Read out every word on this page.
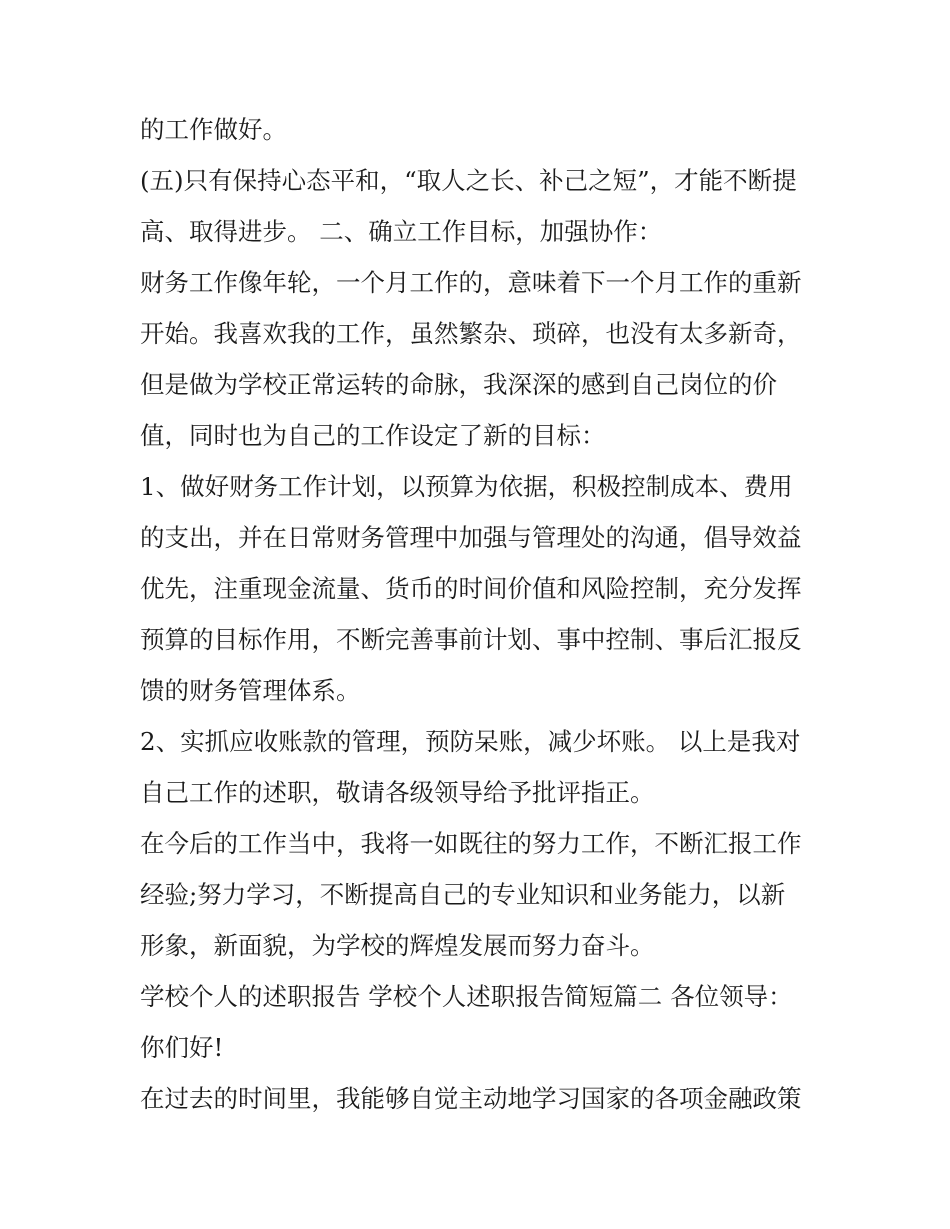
的工作做好。
(五)只有保持心态平和，“取人之长、补己之短”，才能不断提
高、取得进步。 二、确立工作目标，加强协作：
财务工作像年轮，一个月工作的，意味着下一个月工作的重新
开始。我喜欢我的工作，虽然繁杂、琐碎，也没有太多新奇，
但是做为学校正常运转的命脉，我深深的感到自己岗位的价
值，同时也为自己的工作设定了新的目标：
1、做好财务工作计划，以预算为依据，积极控制成本、费用
的支出，并在日常财务管理中加强与管理处的沟通，倡导效益
优先，注重现金流量、货币的时间价值和风险控制，充分发挥
预算的目标作用，不断完善事前计划、事中控制、事后汇报反
馈的财务管理体系。
2、实抓应收账款的管理，预防呆账，减少坏账。 以上是我对
自己工作的述职，敬请各级领导给予批评指正。
在今后的工作当中，我将一如既往的努力工作，不断汇报工作
经验;努力学习，不断提高自己的专业知识和业务能力，以新
形象，新面貌，为学校的辉煌发展而努力奋斗。
学校个人的述职报告 学校个人述职报告简短篇二 各位领导：
你们好!
在过去的时间里，我能够自觉主动地学习国家的各项金融政策
